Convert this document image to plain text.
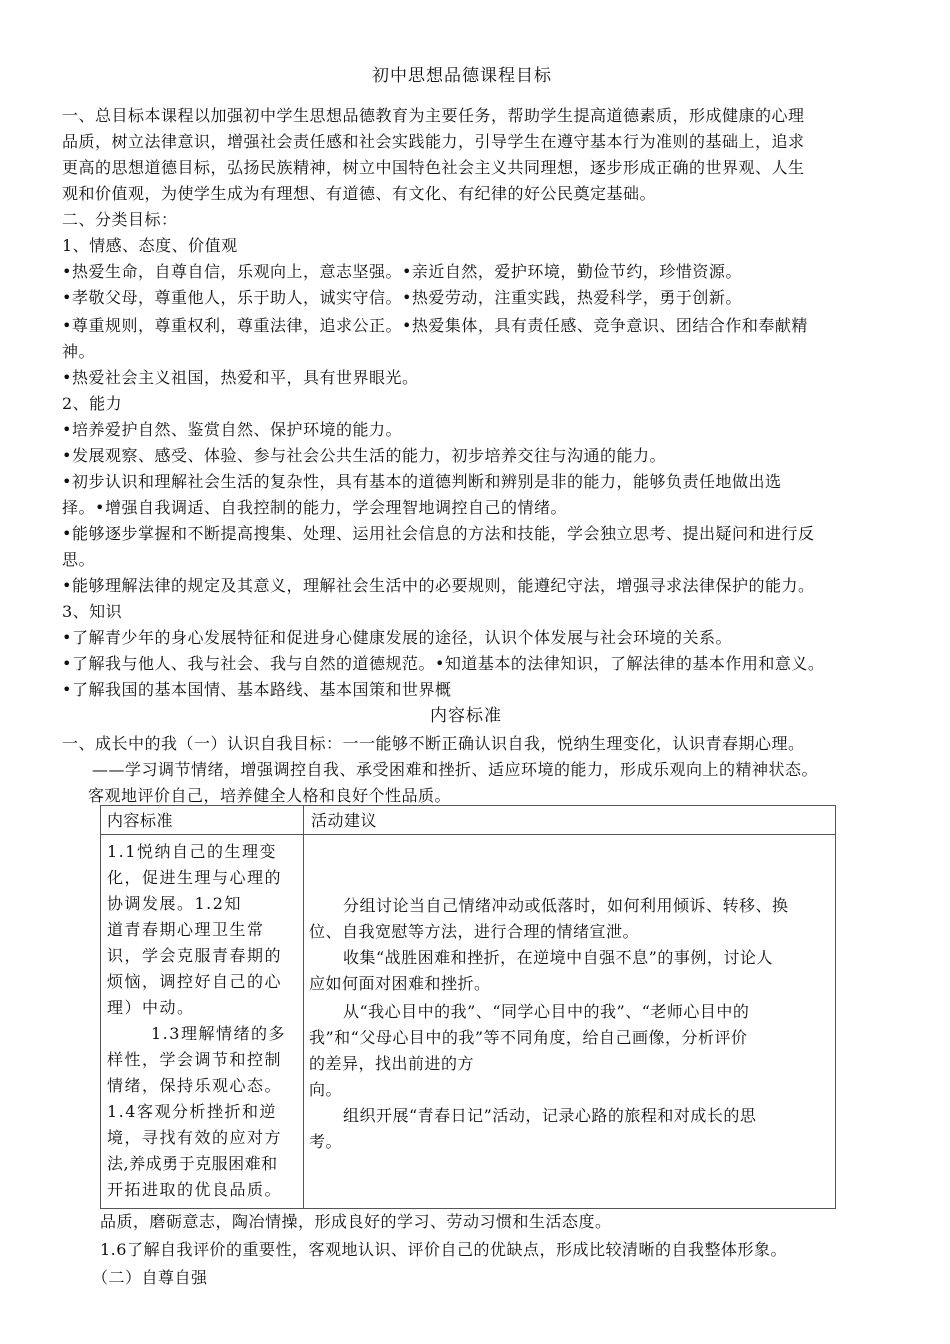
初中思想品德课程目标
一、总目标本课程以加强初中学生思想品德教育为主要任务，帮助学生提高道德素质，形成健康的心理
品质，树立法律意识，增强社会责任感和社会实践能力，引导学生在遵守基本行为准则的基础上，追求
更高的思想道德目标，弘扬民族精神，树立中国特色社会主义共同理想，逐步形成正确的世界观、人生
观和价值观，为使学生成为有理想、有道德、有文化、有纪律的好公民奠定基础。
二、分类目标：
1、情感、态度、价值观
•热爱生命，自尊自信，乐观向上，意志坚强。•亲近自然，爱护环境，勤俭节约，珍惜资源。
•孝敬父母，尊重他人，乐于助人，诚实守信。•热爱劳动，注重实践，热爱科学，勇于创新。
•尊重规则，尊重权利，尊重法律，追求公正。•热爱集体，具有责任感、竞争意识、团结合作和奉献精
神。
•热爱社会主义祖国，热爱和平，具有世界眼光。
2、能力
•培养爱护自然、鉴赏自然、保护环境的能力。
•发展观察、感受、体验、参与社会公共生活的能力，初步培养交往与沟通的能力。
•初步认识和理解社会生活的复杂性，具有基本的道德判断和辨别是非的能力，能够负责任地做出选
择。•增强自我调适、自我控制的能力，学会理智地调控自己的情绪。
•能够逐步掌握和不断提高搜集、处理、运用社会信息的方法和技能，学会独立思考、提出疑问和进行反
思。
•能够理解法律的规定及其意义，理解社会生活中的必要规则，能遵纪守法，增强寻求法律保护的能力。
3、知识
•了解青少年的身心发展特征和促进身心健康发展的途径，认识个体发展与社会环境的关系。
•了解我与他人、我与社会、我与自然的道德规范。•知道基本的法律知识，了解法律的基本作用和意义。
•了解我国的基本国情、基本路线、基本国策和世界概
内容标准
一、成长中的我（一）认识自我目标：一一能够不断正确认识自我，悦纳生理变化，认识青春期心理。
——学习调节情绪，增强调控自我、承受困难和挫折、适应环境的能力，形成乐观向上的精神状态。
客观地评价自己，培养健全人格和良好个性品质。
内容标准	活动建议
1.1悦纳自己的生理变
化，促进生理与心理的
协调发展。1.2知
道青春期心理卫生常
识，学会克服青春期的
烦恼，调控好自己的心
理）中动。
1.3理解情绪的多
样性，学会调节和控制
情绪，保持乐观心态。
1.4客观分析挫折和逆
境，寻找有效的应对方
法,养成勇于克服困难和
开拓进取的优良品质。
分组讨论当自己情绪冲动或低落时，如何利用倾诉、转移、换
位、自我宽慰等方法，进行合理的情绪宣泄。
收集“战胜困难和挫折，在逆境中自强不息”的事例，讨论人
应如何面对困难和挫折。
从“我心目中的我”、“同学心目中的我”、“老师心目中的
我”和“父母心目中的我”等不同角度，给自己画像，分析评价
的差异，找出前进的方
向。
组织开展“青春日记”活动，记录心路的旅程和对成长的思
考。
品质，磨砺意志，陶冶情操，形成良好的学习、劳动习惯和生活态度。
1.6了解自我评价的重要性，客观地认识、评价自己的优缺点，形成比较清晰的自我整体形象。
（二）自尊自强
